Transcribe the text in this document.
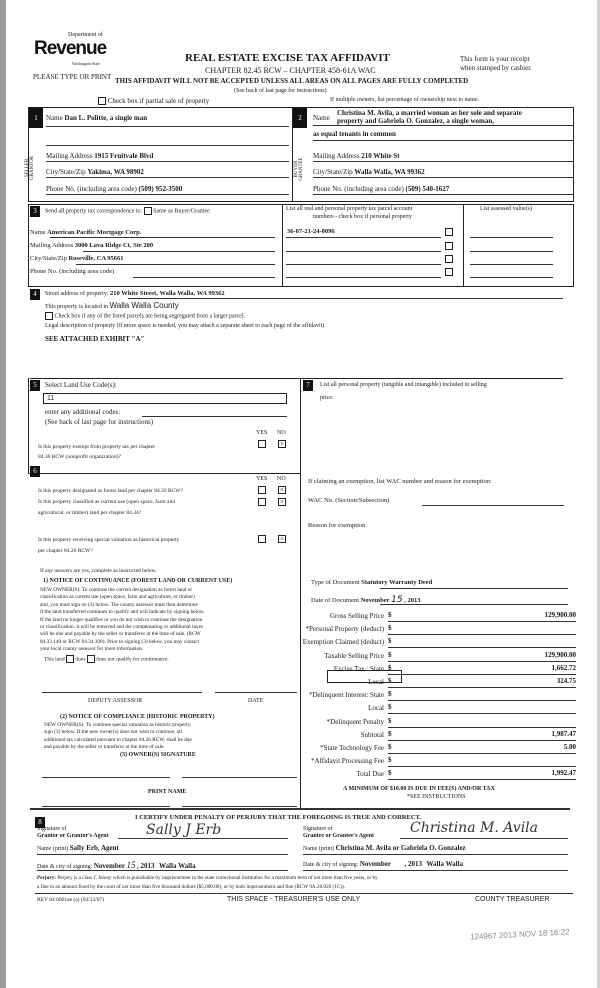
Department of
Revenue
Washington State
PLEASE TYPE OR PRINT
REAL ESTATE EXCISE TAX AFFIDAVIT
CHAPTER 82.45 RCW – CHAPTER 458-61A WAC
THIS AFFIDAVIT WILL NOT BE ACCEPTED UNLESS ALL AREAS ON ALL PAGES ARE FULLY COMPLETED
(See back of last page for instructions)
This form is your receipt
when stamped by cashier.
Check box if partial sale of property	If multiple owners, list percentage of ownership next to name.
1
SELLER GRANTOR
Name Dan L. Politte, a single man
Mailing Address 1915 Fruitvale Blvd
City/State/Zip Yakima, WA 98902
Phone No. (including area code) (509) 952-3500
2
BUYER GRANTEE
Name
Christina M. Avila, a married woman as her sole and separate
property and Gabriela O. Gonzalez, a single woman,
as equal tenants in common
Mailing Address 210 White St
City/State/Zip Walla Walla, WA 99362
Phone No. (including area code) (509) 540-1627
3	Send all property tax correspondence to: Same as Buyer/Grantee
Name American Pacific Mortgage Corp.
Mailing Address 3000 Lava Ridge Ct, Ste 200
City/State/Zip Roseville, CA 95661
Phone No. (including area code)
List all real and personal property tax parcel account
numbers - check box if personal property
List assessed value(s)
36-07-21-24-0096
4	Street address of property: 210 White Street, Walla Walla, WA 99362
This property is located in Walla Walla County
Check box if any of the listed parcels are being segregated from a larger parcel.
Legal description of property (if more space is needed, you may attach a separate sheet to each page of the affidavit)
SEE ATTACHED EXHIBIT "A"
5	Select Land Use Code(s):
11
enter any additional codes:
(See back of last page for instructions)
YES NO
Is this property exempt from property tax per chapter
84.36 RCW (nonprofit organization)?
×
6
YES NO
Is this property designated as forest land per chapter 84.33 RCW?	×
Is this property classified as current use (open space, farm and
agricultural, or timber) land per chapter 84.34?
×
Is this property receiving special valuation as historical property
per chapter 84.26 RCW?
×
If any answers are yes, complete as instructed below.
1) NOTICE OF CONTINUANCE (FOREST LAND OR CURRENT USE)
NEW OWNER(S): To continue the current designation as forest land or
classification as current use (open space, farm and agriculture, or timber)
and, you must sign on (3) below. The county assessor must then determine
if the land transferred continues to qualify and will indicate by signing below.
If the land no longer qualifies or you do not wish to continue the designation
or classification, it will be removed and the compensating or additional taxes
will be due and payable by the seller or transferor at the time of sale. (RCW
84.33.140 or RCW 84.34.108). Prior to signing (3) below, you may contact
your local county assessor for more information.
This land does does not qualify for continuance.
DEPUTY ASSESSOR	DATE
(2) NOTICE OF COMPLIANCE (HISTORIC PROPERTY)
NEW OWNER(S): To continue special valuation as historic property,
sign (3) below. If the new owner(s) does not wish to continue, all
additional tax calculated pursuant to chapter 84.26 RCW, shall be due
and payable by the seller or transferor at the time of sale.
(3) OWNER(S) SIGNATURE
PRINT NAME
7	List all personal property (tangible and intangible) included in selling
price.
If claiming an exemption, list WAC number and reason for exemption:
WAC No. (Section/Subsection)
Reason for exemption
Type of Document Statutory Warranty Deed
Date of Document November 15 , 2013
Gross Selling Price $	129,900.00
*Personal Property (deduct) $
Exemption Claimed (deduct) $
Taxable Selling Price $	129,900.00
Excise Tax : State $	1,662.72
Local $	324.75
*Delinquent Interest: State $
Local $
*Delinquent Penalty $
Subtotal $	1,987.47
*State Technology Fee $	5.00
*Affidavit Processing Fee $
Total Due $	1,992.47
A MINIMUM OF $10.00 IS DUE IN FEE(S) AND/OR TAX
*SEE INSTRUCTIONS
8
I CERTIFY UNDER PENALTY OF PERJURY THAT THE FOREGOING IS TRUE AND CORRECT.
Signature of
Grantor or Grantor's Agent	Sally J Erb
Name (print) Sally Erb, Agent
Date & city of signing: November 15 , 2013 Walla Walla
Signature of
Grantee or Grantee's Agent	Christina M. Avila
Name (print) Christina M. Avila or Gabriela O. Gonzalez
Date & city of signing: November , 2013 Walla Walla
Perjury: Perjury is a class C felony which is punishable by imprisonment in the state correctional institution for a maximum term of not more than five years, or by
a fine in an amount fixed by the court of not more than five thousand dollars ($5,000.00), or by both imprisonment and fine (RCW 9A.20.020 (1C)).
REV 84 0001ae (a) (03/13/07)	THIS SPACE - TREASURER'S USE ONLY	COUNTY TREASURER
124967 2013 NOV 18 16:22
